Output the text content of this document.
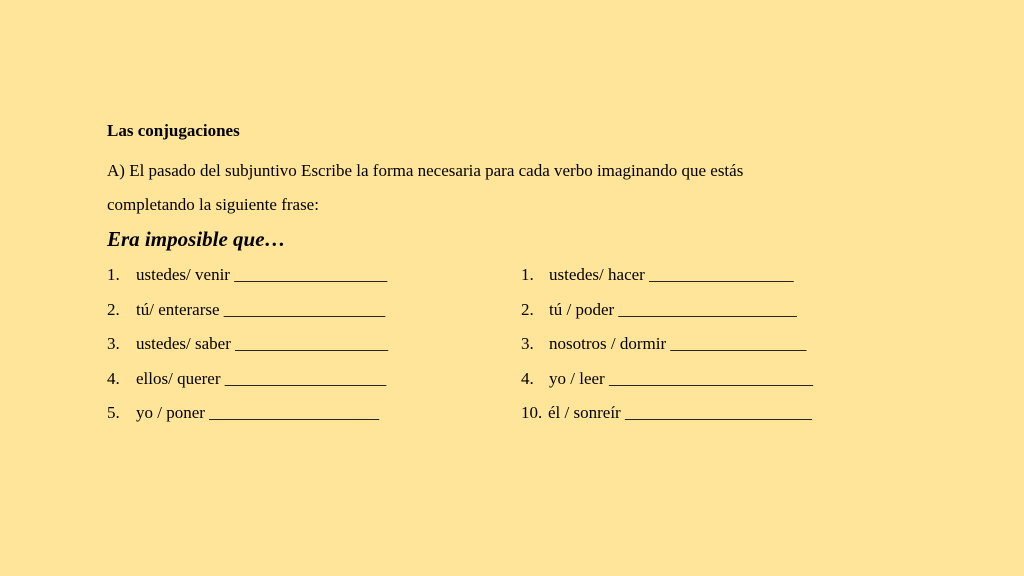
Las conjugaciones
A) El pasado del subjuntivo Escribe la forma necesaria para cada verbo imaginando que estás
completando la siguiente frase:
Era imposible que…
1. ustedes/ venir __________________
2. tú/ enterarse ___________________
3. ustedes/ saber __________________
4. ellos/ querer ___________________
5. yo / poner ____________________
1. ustedes/ hacer _________________
2. tú / poder _____________________
3. nosotros / dormir ________________
4. yo / leer ________________________
10. él / sonreír ______________________
